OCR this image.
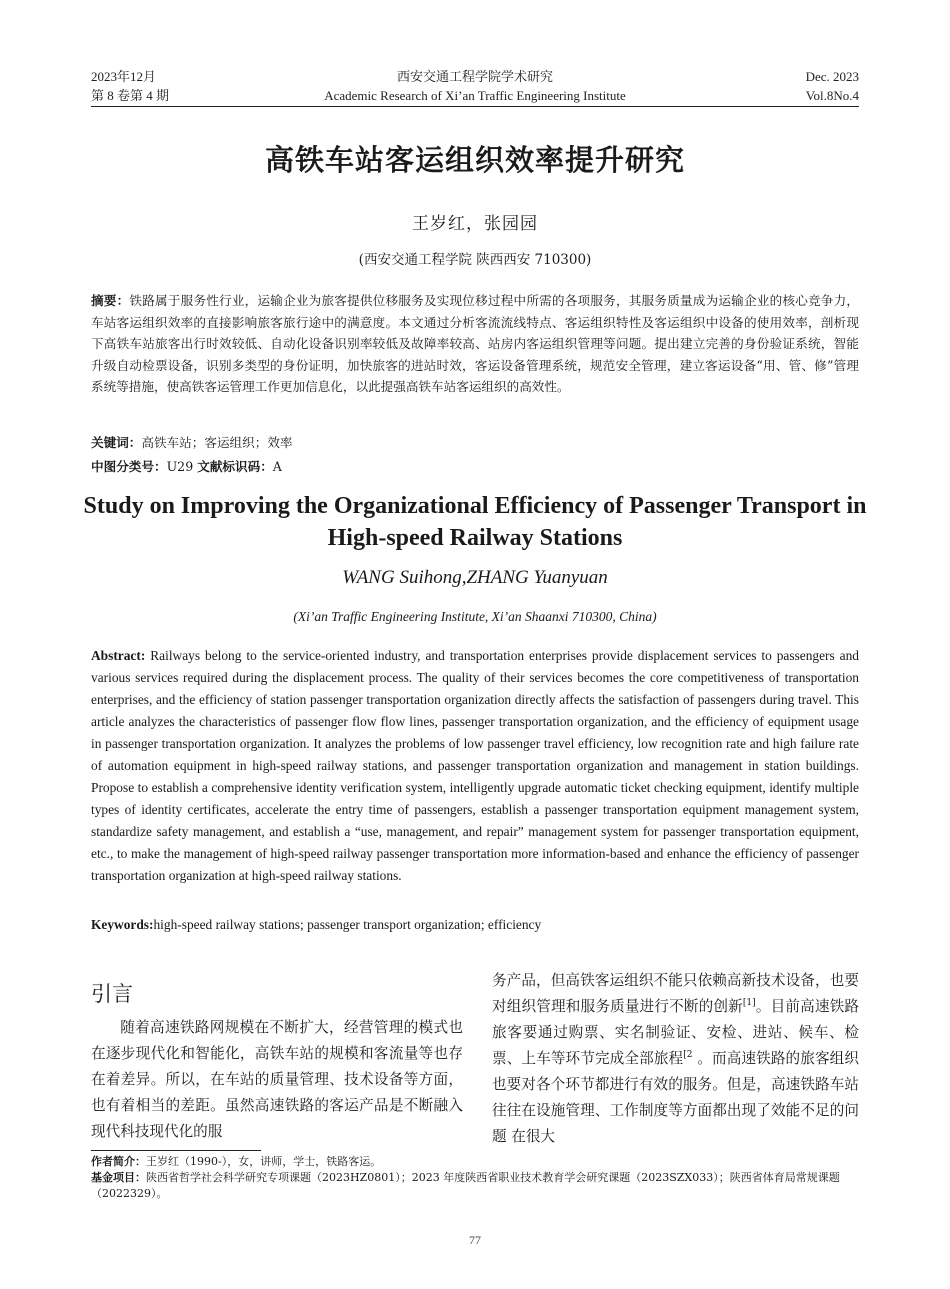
2023年12月
第 8 卷第 4 期
西安交通工程学院学术研究
Academic Research of Xi’an Traffic Engineering Institute
Dec. 2023
Vol.8No.4
高铁车站客运组织效率提升研究
王岁红，张园园
(西安交通工程学院 陕西西安 710300)
摘要：铁路属于服务性行业，运输企业为旅客提供位移服务及实现位移过程中所需的各项服务，其服务质量成为运输企业的核心竞争力，车站客运组织效率的直接影响旅客旅行途中的满意度。本文通过分析客流流线特点、客运组织特性及客运组织中设备的使用效率，剖析现下高铁车站旅客出行时效较低、自动化设备识别率较低及故障率较高、站房内客运组织管理等问题。提出建立完善的身份验证系统，智能升级自动检票设备，识别多类型的身份证明，加快旅客的进站时效，客运设备管理系统，规范安全管理，建立客运设备“用、管、修”管理系统等措施，使高铁客运管理工作更加信息化，以此提强高铁车站客运组织的高效性。
关键词：高铁车站；客运组织；效率
中图分类号：U29 文献标识码：A
Study on Improving the Organizational Efficiency of Passenger Transport in High-speed Railway Stations
WANG Suihong,ZHANG Yuanyuan
(Xi’an Traffic Engineering Institute, Xi’an Shaanxi 710300, China)
Abstract: Railways belong to the service-oriented industry, and transportation enterprises provide displacement services to passengers and various services required during the displacement process. The quality of their services becomes the core competitiveness of transportation enterprises, and the efficiency of station passenger transportation organization directly affects the satisfaction of passengers during travel. This article analyzes the characteristics of passenger flow flow lines, passenger transportation organization, and the efficiency of equipment usage in passenger transportation organization. It analyzes the problems of low passenger travel efficiency, low recognition rate and high failure rate of automation equipment in high-speed railway stations, and passenger transportation organization and management in station buildings. Propose to establish a comprehensive identity verification system, intelligently upgrade automatic ticket checking equipment, identify multiple types of identity certificates, accelerate the entry time of passengers, establish a passenger transportation equipment management system, standardize safety management, and establish a “use, management, and repair” management system for passenger transportation equipment, etc., to make the management of high-speed railway passenger transportation more information-based and enhance the efficiency of passenger transportation organization at high-speed railway stations.
Keywords:high-speed railway stations; passenger transport organization; efficiency
引言
随着高速铁路网规模在不断扩大，经营管理的模式也在逐步现代化和智能化，高铁车站的规模和客流量等也存在着差异。所以，在车站的质量管理、技术设备等方面，也有着相当的差距。虽然高速铁路的客运产品是不断融入现代科技现代化的服
务产品，但高铁客运组织不能只依赖高新技术设备，也要对组织管理和服务质量进行不断的创新[1]。目前高速铁路旅客要通过购票、实名制验证、安检、进站、候车、检票、上车等环节完成全部旅程$^{[2}$ 。而高速铁路的旅客组织也要对各个环节都进行有效的服务。但是，高速铁路车站往往在设施管理、工作制度等方面都出现了效能不足的问题 在很大
作者简介：王岁红（1990-），女，讲师，学士，铁路客运。
基金项目：陕西省哲学社会科学研究专项课题（2023HZ0801）；2023 年度陕西省职业技术教育学会研究课题（2023SZX033）；陕西省体育局常规课题（2022329）。
77
